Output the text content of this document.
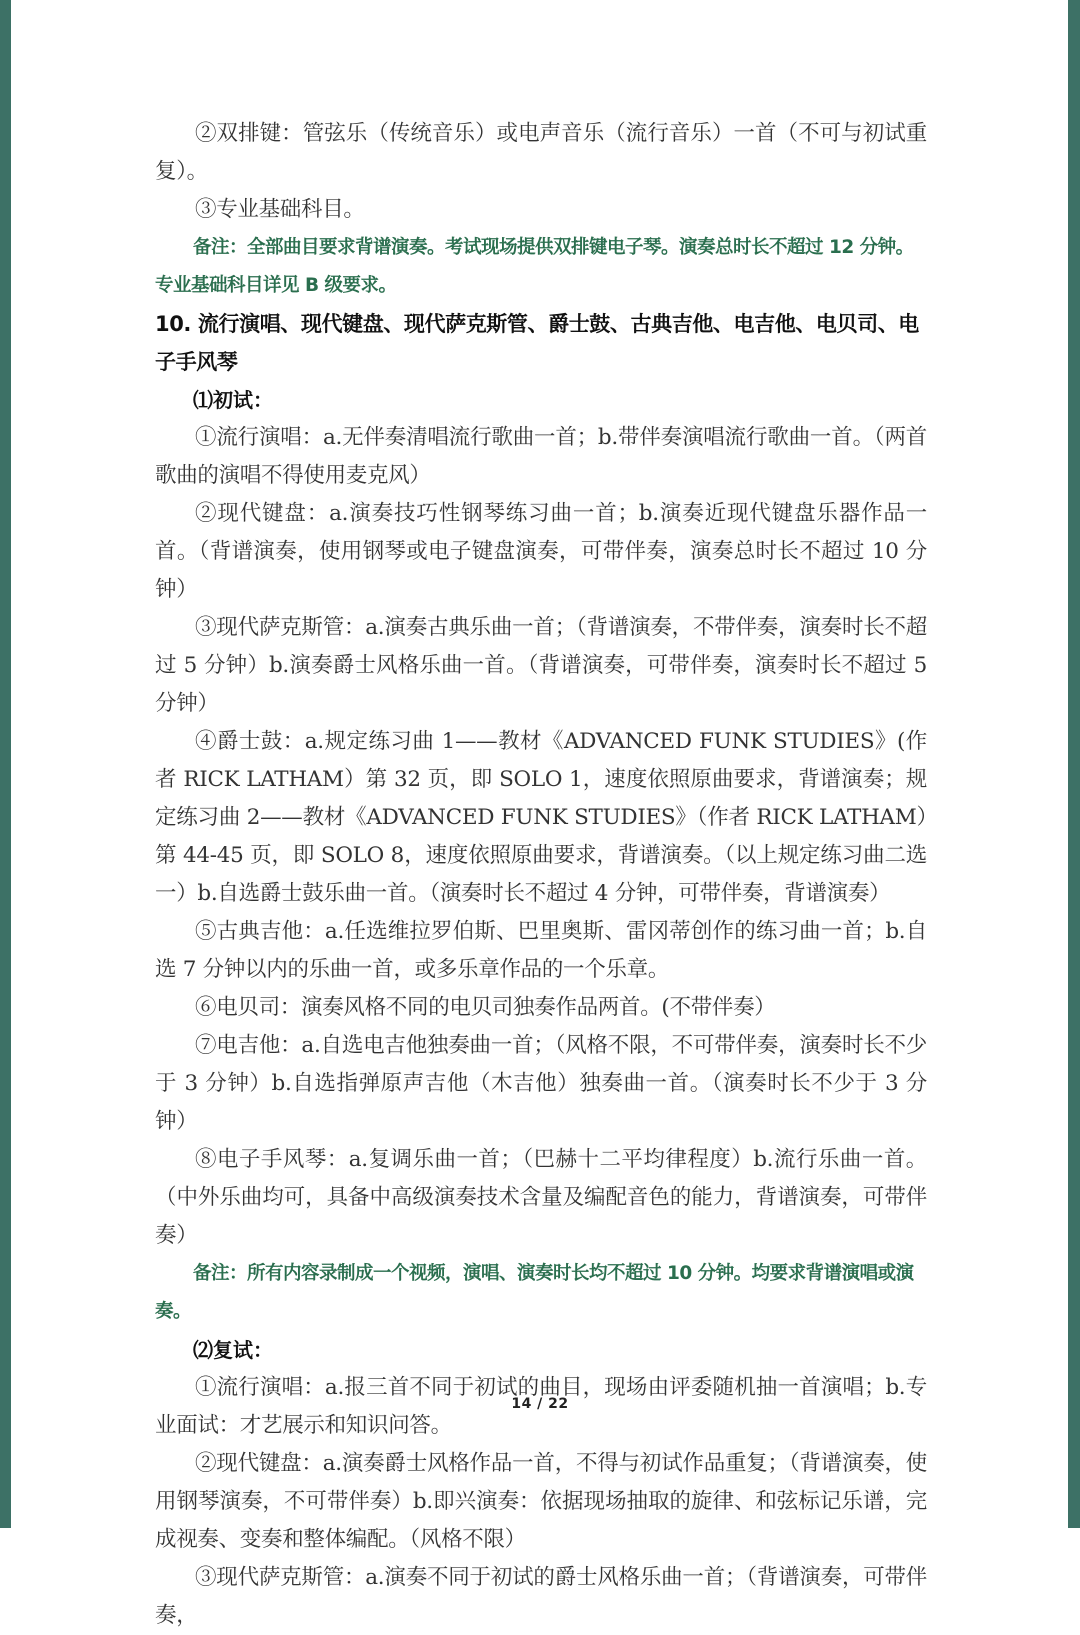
②双排键：管弦乐（传统音乐）或电声音乐（流行音乐）一首（不可与初试重复）。

③专业基础科目。

备注：全部曲目要求背谱演奏。考试现场提供双排键电子琴。演奏总时长不超过 12 分钟。专业基础科目详见 B 级要求。

10. 流行演唱、现代键盘、现代萨克斯管、爵士鼓、古典吉他、电吉他、电贝司、电子手风琴

⑴初试：

①流行演唱：a.无伴奏清唱流行歌曲一首；b.带伴奏演唱流行歌曲一首。（两首歌曲的演唱不得使用麦克风）

②现代键盘：a.演奏技巧性钢琴练习曲一首；b.演奏近现代键盘乐器作品一首。（背谱演奏，使用钢琴或电子键盘演奏，可带伴奏，演奏总时长不超过 10 分钟）

③现代萨克斯管：a.演奏古典乐曲一首；（背谱演奏，不带伴奏，演奏时长不超过 5 分钟）b.演奏爵士风格乐曲一首。（背谱演奏，可带伴奏，演奏时长不超过 5 分钟）

④爵士鼓：a.规定练习曲 1——教材《ADVANCED FUNK STUDIES》(作者 RICK LATHAM）第 32 页，即 SOLO 1，速度依照原曲要求，背谱演奏；规定练习曲 2——教材《ADVANCED FUNK STUDIES》（作者 RICK LATHAM）第 44-45 页，即 SOLO 8，速度依照原曲要求，背谱演奏。（以上规定练习曲二选一）b.自选爵士鼓乐曲一首。（演奏时长不超过 4 分钟，可带伴奏，背谱演奏）

⑤古典吉他：a.任选维拉罗伯斯、巴里奥斯、雷冈蒂创作的练习曲一首；b.自选 7 分钟以内的乐曲一首，或多乐章作品的一个乐章。

⑥电贝司：演奏风格不同的电贝司独奏作品两首。(不带伴奏）

⑦电吉他：a.自选电吉他独奏曲一首；（风格不限，不可带伴奏，演奏时长不少于 3 分钟）b.自选指弹原声吉他（木吉他）独奏曲一首。（演奏时长不少于 3 分钟）

⑧电子手风琴：a.复调乐曲一首；（巴赫十二平均律程度）b.流行乐曲一首。（中外乐曲均可，具备中高级演奏技术含量及编配音色的能力，背谱演奏，可带伴奏）

备注：所有内容录制成一个视频，演唱、演奏时长均不超过 10 分钟。均要求背谱演唱或演奏。

⑵复试：

①流行演唱：a.报三首不同于初试的曲目，现场由评委随机抽一首演唱；b.专业面试：才艺展示和知识问答。

②现代键盘：a.演奏爵士风格作品一首，不得与初试作品重复；（背谱演奏，使用钢琴演奏，不可带伴奏）b.即兴演奏：依据现场抽取的旋律、和弦标记乐谱，完成视奏、变奏和整体编配。（风格不限）

③现代萨克斯管：a.演奏不同于初试的爵士风格乐曲一首；（背谱演奏，可带伴奏，

14 / 22
